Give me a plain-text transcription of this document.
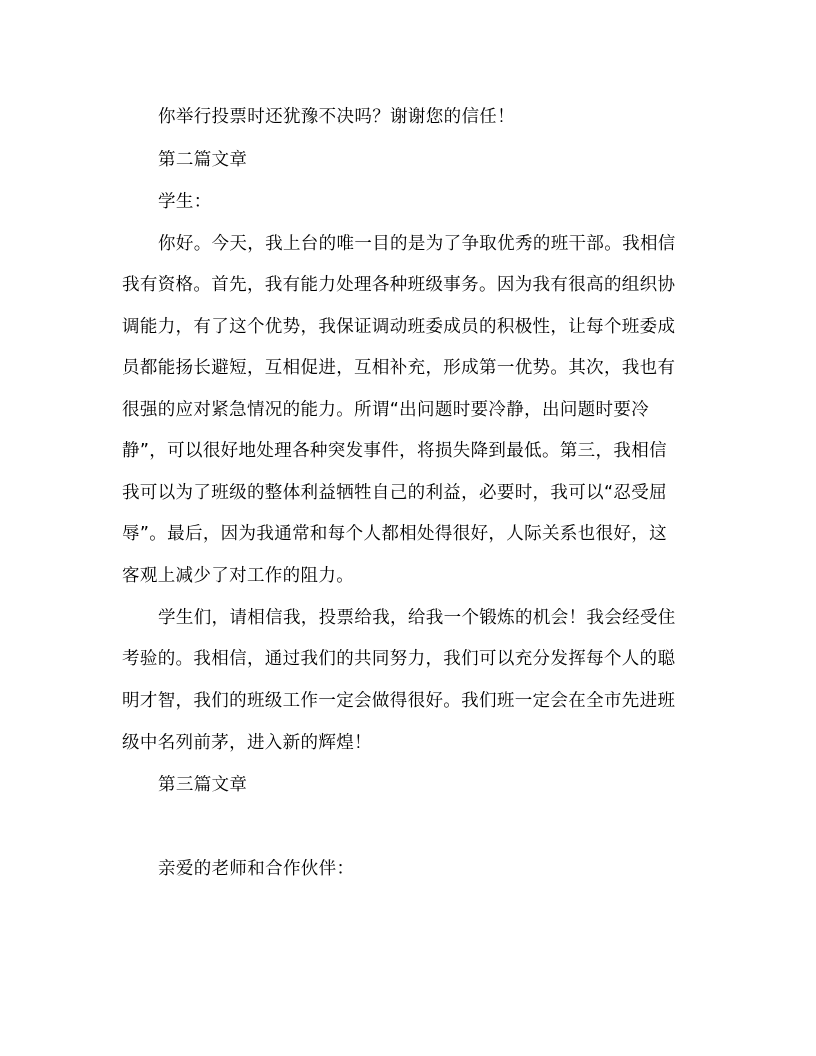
你举行投票时还犹豫不决吗？谢谢您的信任！
第二篇文章
学生：
你好。今天，我上台的唯一目的是为了争取优秀的班干部。我相信
我有资格。首先，我有能力处理各种班级事务。因为我有很高的组织协
调能力，有了这个优势，我保证调动班委成员的积极性，让每个班委成
员都能扬长避短，互相促进，互相补充，形成第一优势。其次，我也有
很强的应对紧急情况的能力。所谓“出问题时要冷静，出问题时要冷
静”，可以很好地处理各种突发事件，将损失降到最低。第三，我相信
我可以为了班级的整体利益牺牲自己的利益，必要时，我可以“忍受屈
辱”。最后，因为我通常和每个人都相处得很好，人际关系也很好，这
客观上减少了对工作的阻力。
学生们，请相信我，投票给我，给我一个锻炼的机会！我会经受住
考验的。我相信，通过我们的共同努力，我们可以充分发挥每个人的聪
明才智，我们的班级工作一定会做得很好。我们班一定会在全市先进班
级中名列前茅，进入新的辉煌！
第三篇文章
亲爱的老师和合作伙伴：
